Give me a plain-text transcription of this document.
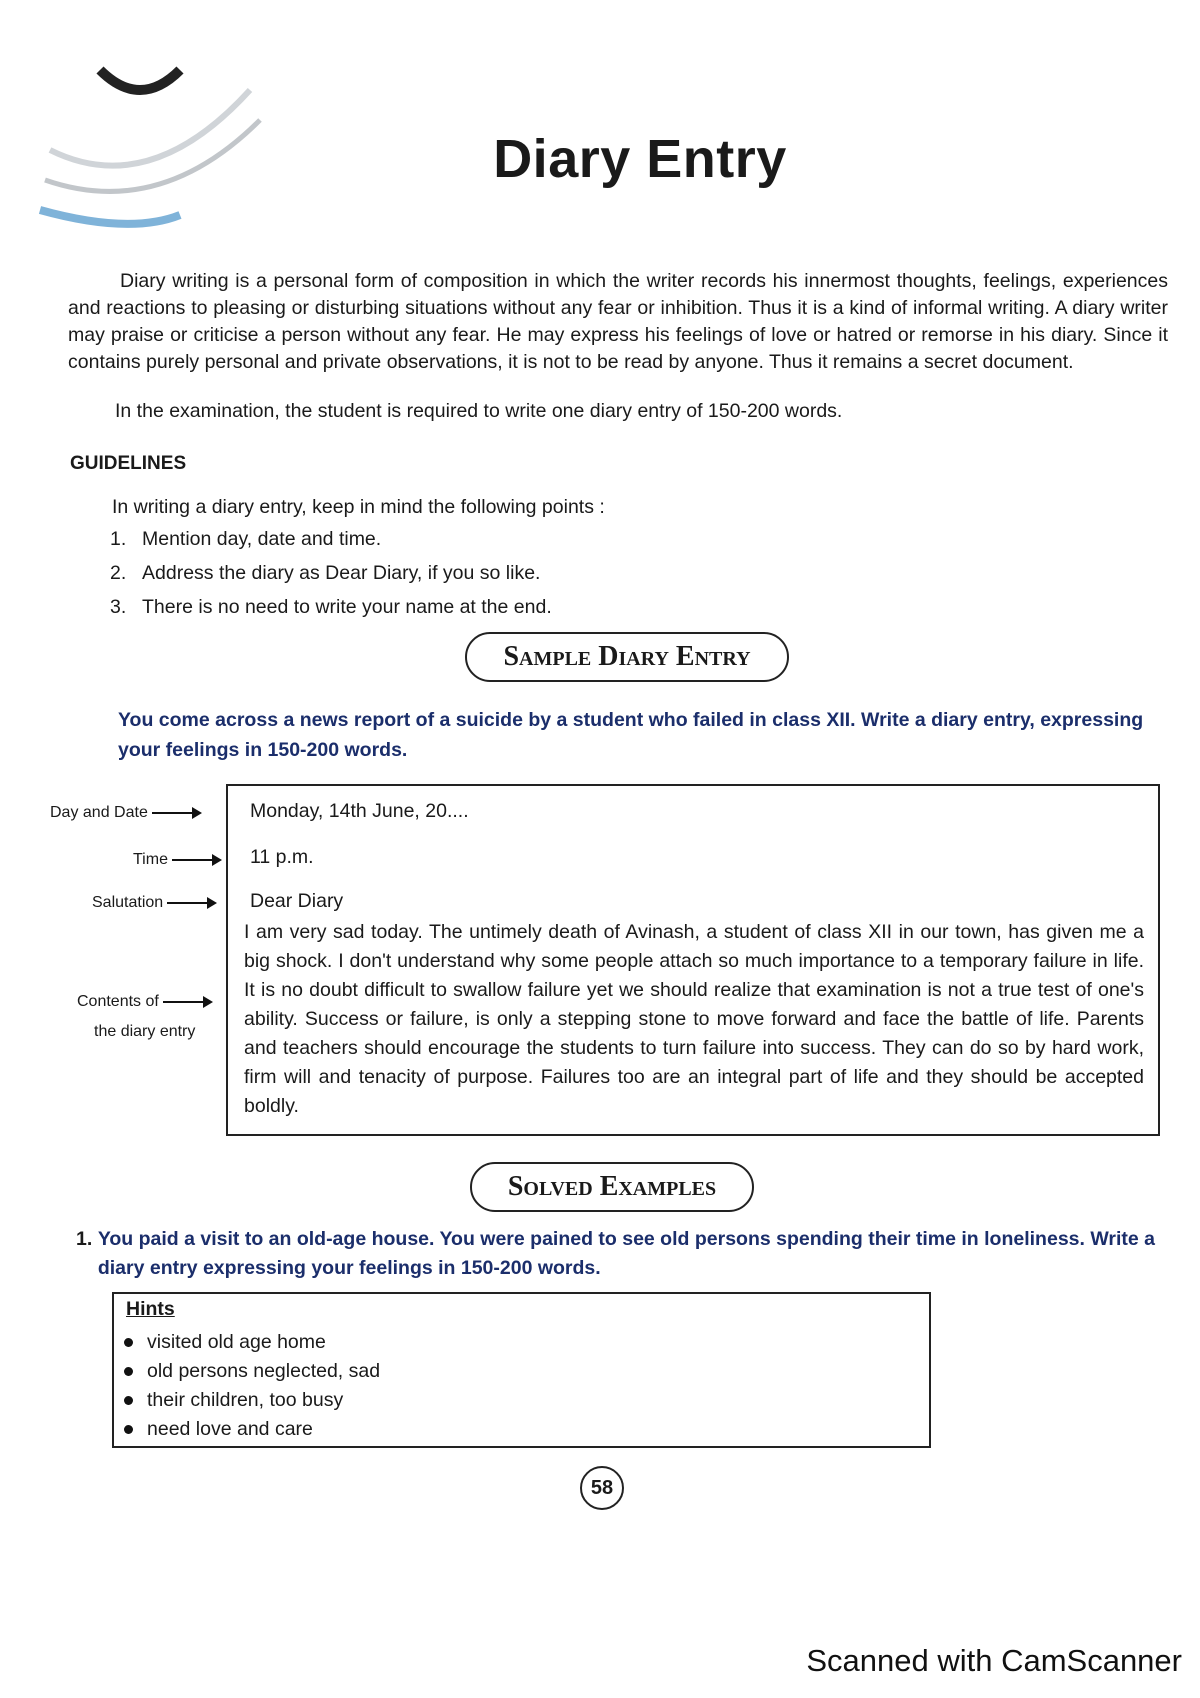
Diary Entry
Diary writing is a personal form of composition in which the writer records his innermost thoughts, feelings, experiences and reactions to pleasing or disturbing situations without any fear or inhibition. Thus it is a kind of informal writing. A diary writer may praise or criticise a person without any fear. He may express his feelings of love or hatred or remorse in his diary. Since it contains purely personal and private observations, it is not to be read by anyone. Thus it remains a secret document.
In the examination, the student is required to write one diary entry of 150-200 words.
GUIDELINES
In writing a diary entry, keep in mind the following points :
1. Mention day, date and time.
2. Address the diary as Dear Diary, if you so like.
3. There is no need to write your name at the end.
Sample Diary Entry
You come across a news report of a suicide by a student who failed in class XII. Write a diary entry, expressing your feelings in 150-200 words.
Day and Date
Time
Salutation
Contents of
the diary entry
Monday, 14th June, 20....
11 p.m.
Dear Diary
I am very sad today. The untimely death of Avinash, a student of class XII in our town, has given me a big shock. I don't understand why some people attach so much importance to a temporary failure in life. It is no doubt difficult to swallow failure yet we should realize that examination is not a true test of one's ability. Success or failure, is only a stepping stone to move forward and face the battle of life. Parents and teachers should encourage the students to turn failure into success. They can do so by hard work, firm will and tenacity of purpose. Failures too are an integral part of life and they should be accepted boldly.
Solved Examples
1. You paid a visit to an old-age house. You were pained to see old persons spending their time in loneliness. Write a diary entry expressing your feelings in 150-200 words.
Hints
visited old age home
old persons neglected, sad
their children, too busy
need love and care
58
Scanned with CamScanner
